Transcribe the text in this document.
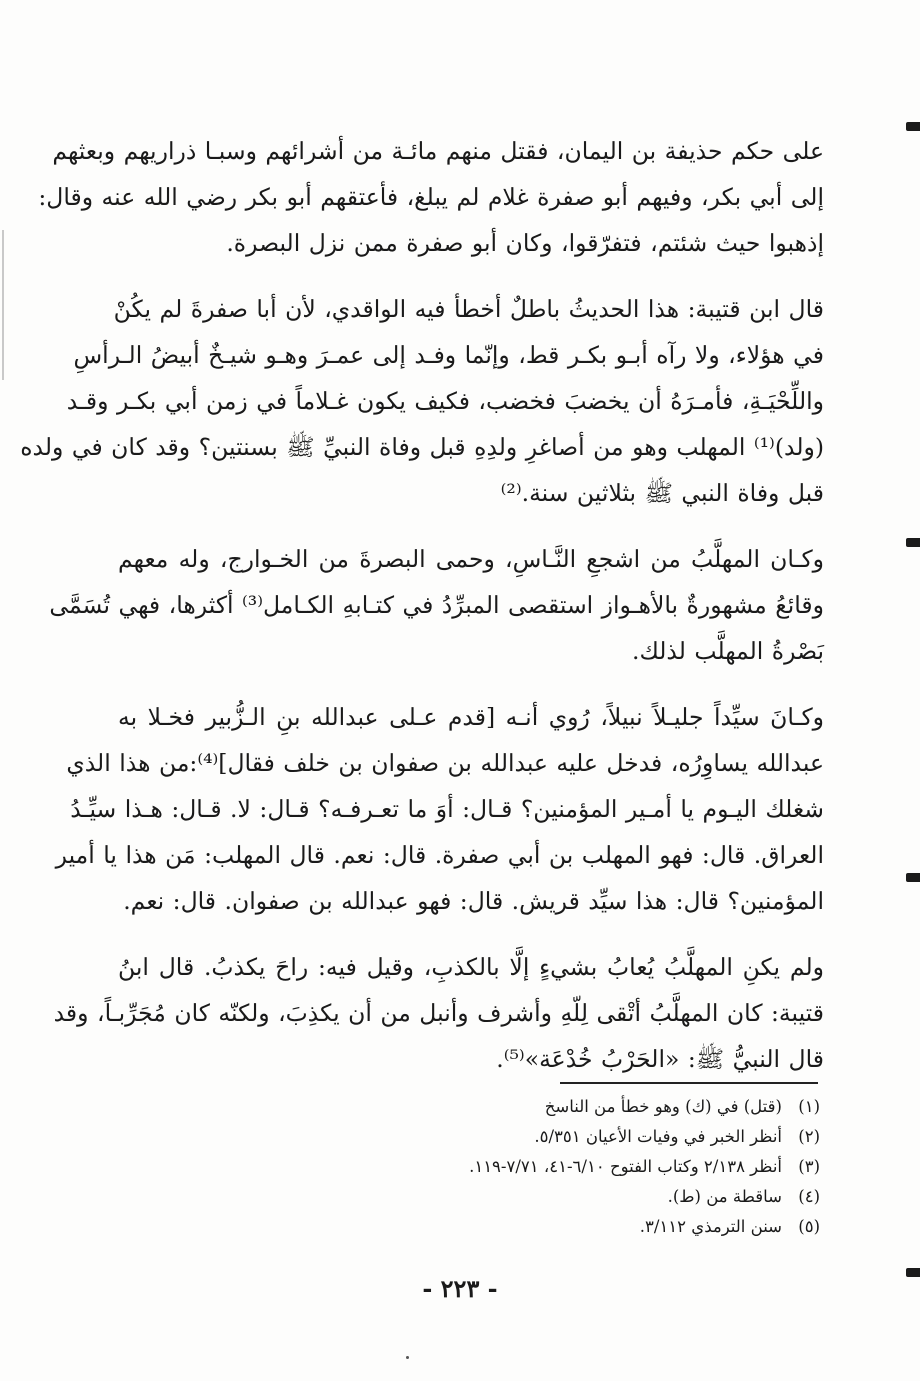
على حكم حذيفة بن اليمان، فقتل منهم مائـة من أشرائهم وسبـا ذراريهم وبعثهم
إلى أبي بكر، وفيهم أبو صفرة غلام لم يبلغ، فأعتقهم أبو بكر رضي الله عنه وقال:
إذهبوا حيث شئتم، فتفرّقوا، وكان أبو صفرة ممن نزل البصرة.

قال ابن قتيبة: هذا الحديثُ باطلٌ أخطأ فيه الواقدي، لأن أبا صفرةَ لم يكُنْ
في هؤلاء، ولا رآه أبـو بكـر قط، وإنّما وفـد إلى عمـرَ وهـو شيـخٌ أبيضُ الـرأسِ
واللِّحْيَـةِ، فأمـرَهُ أن يخضبَ فخضب، فكيف يكون غـلاماً في زمن أبي بكـر وقـد
(ولد)⁽¹⁾ المهلب وهو من أصاغرِ ولدِهِ قبل وفاة النبيِّ ﷺ بسنتين؟ وقد كان في ولده
قبل وفاة النبي ﷺ بثلاثين سنة.⁽²⁾

وكـان المهلَّبُ من اشجعِ النَّـاسِ، وحمى البصرةَ من الخـوارج، وله معهم
وقائعُ مشهورةٌ بالأهـواز استقصى المبرِّدُ في كتـابهِ الكـامل⁽³⁾ أكثرها، فهي تُسَمَّى
بَصْرةُ المهلَّب لذلك.

وكـانَ سيِّداً جليـلاً نبيلاً، رُوي أنـه [قدم عـلى عبدالله بنِ الـزُّبير فخـلا به
عبدالله يساوِرُه، فدخل عليه عبدالله بن صفوان بن خلف فقال]⁽⁴⁾:من هذا الذي
شغلك اليـوم يا أمـير المؤمنين؟ قـال: أوَ ما تعـرفـه؟ قـال: لا. قـال: هـذا سيِّـدُ
العراق. قال: فهو المهلب بن أبي صفرة. قال: نعم. قال المهلب: مَن هذا يا أمير
المؤمنين؟ قال: هذا سيِّد قريش. قال: فهو عبدالله بن صفوان. قال: نعم.

ولم يكنِ المهلَّبُ يُعابُ بشيءٍ إلَّا بالكذبِ، وقيل فيه: راحَ يكذبُ. قال ابنُ
قتيبة: كان المهلَّبُ أتْقى لِلّهِ وأشرف وأنبل من أن يكذِبَ، ولكنّه كان مُجَرِّبـاً، وقد
قال النبيُّ ﷺ: «الحَرْبُ خُدْعَة»⁽⁵⁾.

(١)
(قتل) في (ك) وهو خطأ من الناسخ
(٢)
أنظر الخبر في وفيات الأعيان ٥/٣٥١.
(٣)
أنظر ٢/١٣٨ وكتاب الفتوح ٦/١٠-٤١، ٧/٧١-١١٩.
(٤)
ساقطة من (ط).
(٥)
سنن الترمذي ٣/١١٢.
- ٢٢٣ -
